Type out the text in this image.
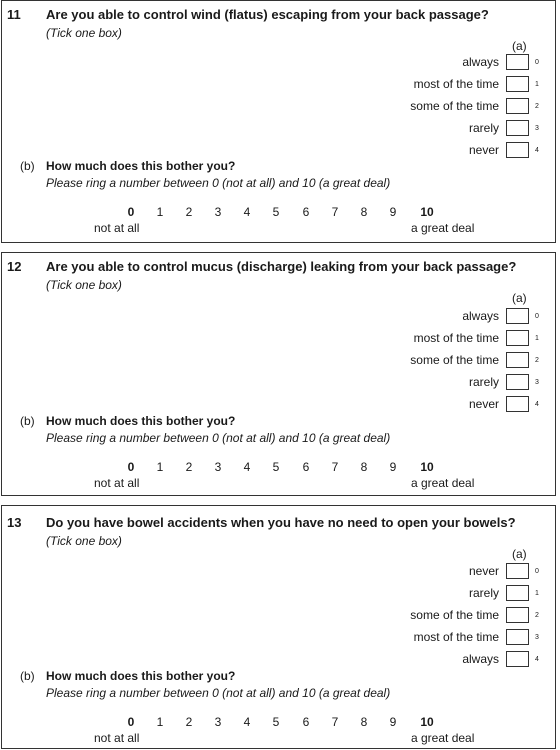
11 Are you able to control wind (flatus) escaping from your back passage?
(Tick one box)
(a)
always	0
most of the time	1
some of the time	2
rarely	3
never	4
(b) How much does this bother you?
Please ring a number between 0 (not at all) and 10 (a great deal)
0	1	2	3	4	5	6	7	8	9	10
not at all	a great deal
12 Are you able to control mucus (discharge) leaking from your back passage?
(Tick one box)
(a)
always	0
most of the time	1
some of the time	2
rarely	3
never	4
(b) How much does this bother you?
Please ring a number between 0 (not at all) and 10 (a great deal)
0	1	2	3	4	5	6	7	8	9	10
not at all	a great deal
13 Do you have bowel accidents when you have no need to open your bowels?
(Tick one box)
(a)
never	0
rarely	1
some of the time	2
most of the time	3
always	4
(b) How much does this bother you?
Please ring a number between 0 (not at all) and 10 (a great deal)
0	1	2	3	4	5	6	7	8	9	10
not at all	a great deal
